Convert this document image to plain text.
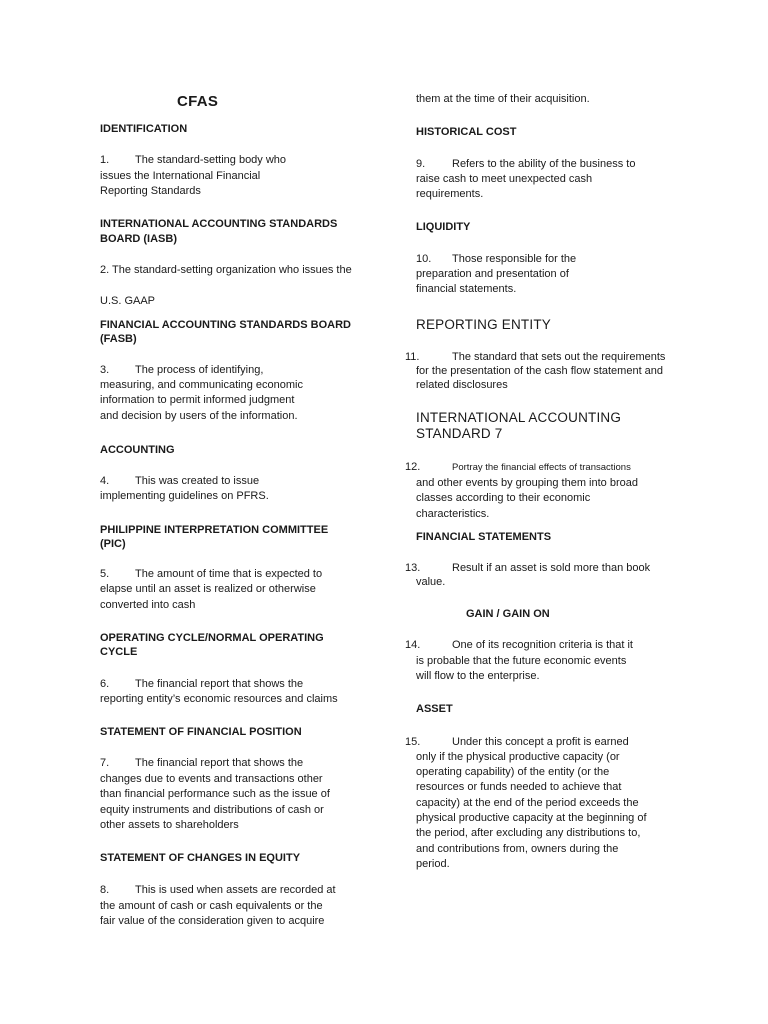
CFAS

IDENTIFICATION

1. The standard-setting body who

issues the International Financial

Reporting Standards

INTERNATIONAL ACCOUNTING STANDARDS

BOARD (IASB)

2. The standard-setting organization who issues the

U.S. GAAP

FINANCIAL ACCOUNTING STANDARDS BOARD

(FASB)

3. The process of identifying,

measuring, and communicating economic

information to permit informed judgment

and decision by users of the information.

ACCOUNTING

4. This was created to issue

implementing guidelines on PFRS.

PHILIPPINE INTERPRETATION COMMITTEE

(PIC)

5. The amount of time that is expected to

elapse until an asset is realized or otherwise

converted into cash

OPERATING CYCLE/NORMAL OPERATING

CYCLE

6. The financial report that shows the

reporting entity’s economic resources and claims

STATEMENT OF FINANCIAL POSITION

7. The financial report that shows the

changes due to events and transactions other

than financial performance such as the issue of

equity instruments and distributions of cash or

other assets to shareholders

STATEMENT OF CHANGES IN EQUITY

8. This is used when assets are recorded at

the amount of cash or cash equivalents or the

fair value of the consideration given to acquire

them at the time of their acquisition.

HISTORICAL COST

9. Refers to the ability of the business to

raise cash to meet unexpected cash

requirements.

LIQUIDITY

10. Those responsible for the

preparation and presentation of

financial statements.

REPORTING ENTITY

11.	The standard that sets out the requirements

for the presentation of the cash flow statement and

related disclosures

INTERNATIONAL ACCOUNTING

STANDARD 7

12.	Portray the financial effects of transactions

and other events by grouping them into broad

classes according to their economic

characteristics.

FINANCIAL STATEMENTS

13.	Result if an asset is sold more than book

value.

GAIN / GAIN ON

14.	One of its recognition criteria is that it

is probable that the future economic events

will flow to the enterprise.

ASSET

15.	Under this concept a profit is earned

only if the physical productive capacity (or

operating capability) of the entity (or the

resources or funds needed to achieve that

capacity) at the end of the period exceeds the

physical productive capacity at the beginning of

the period, after excluding any distributions to,

and contributions from, owners during the

period.
